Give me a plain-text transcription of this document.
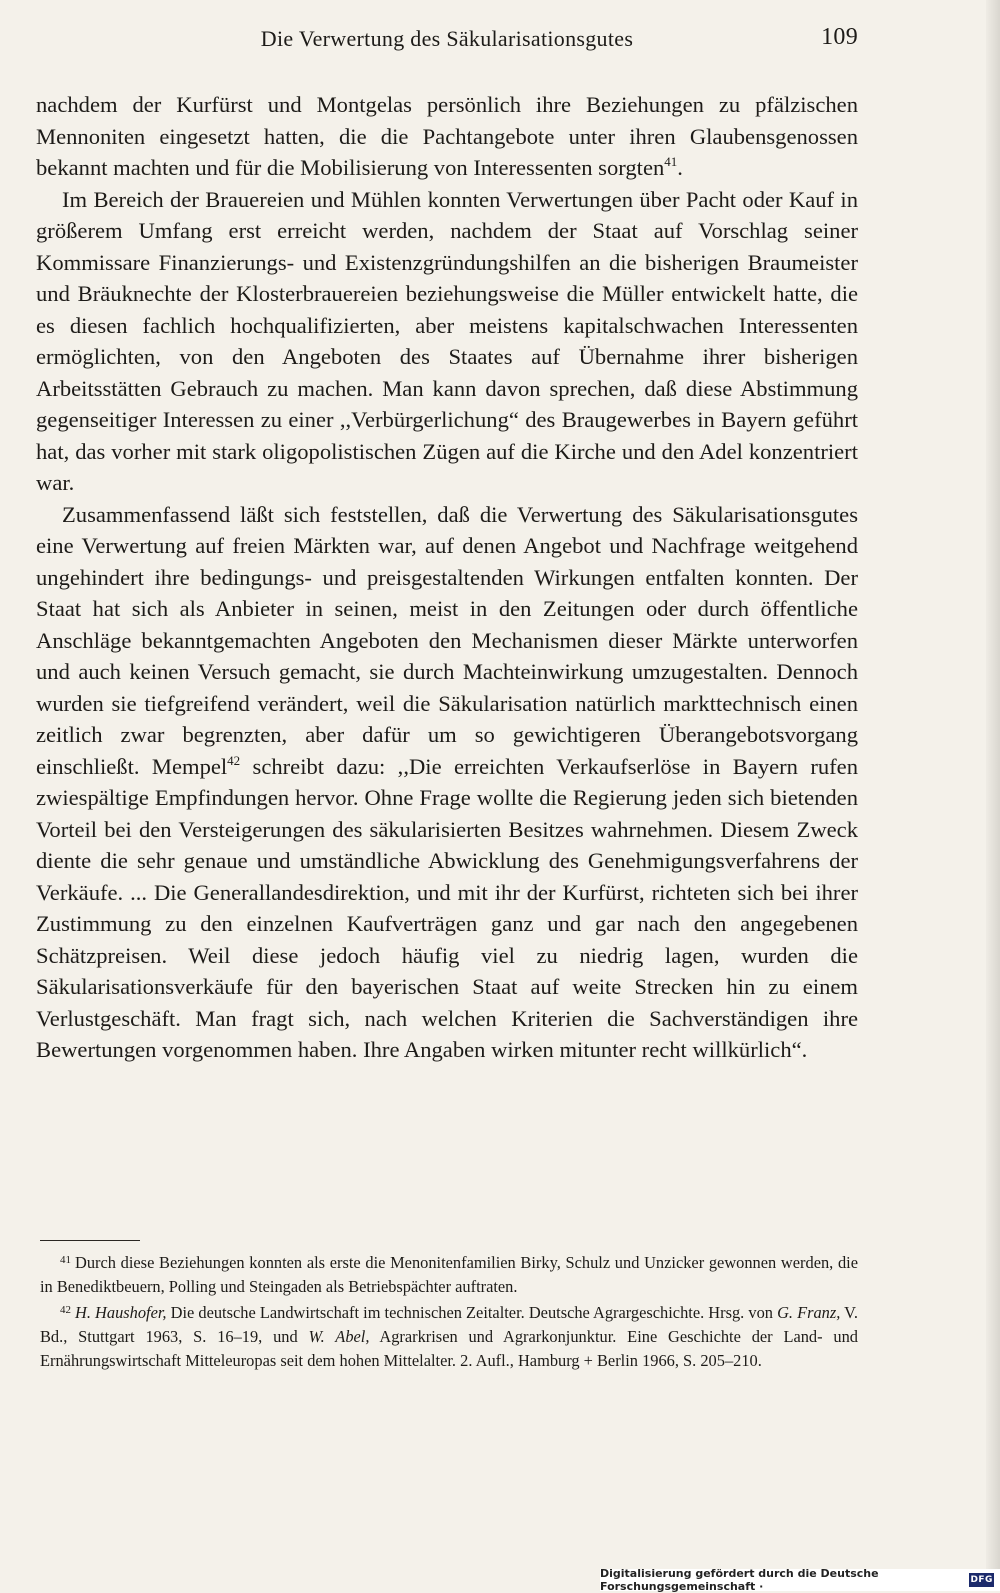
Die Verwertung des Säkularisationsgutes	109

nachdem der Kurfürst und Montgelas persönlich ihre Beziehungen zu pfälzischen Mennoniten eingesetzt hatten, die die Pachtangebote unter ihren Glaubensgenossen bekannt machten und für die Mobilisierung von Interessenten sorgten$^{41}$.

Im Bereich der Brauereien und Mühlen konnten Verwertungen über Pacht oder Kauf in größerem Umfang erst erreicht werden, nachdem der Staat auf Vorschlag seiner Kommissare Finanzierungs- und Existenzgründungshilfen an die bisherigen Braumeister und Bräuknechte der Klosterbrauereien beziehungsweise die Müller entwickelt hatte, die es diesen fachlich hochqualifizierten, aber meistens kapitalschwachen Interessenten ermöglichten, von den Angeboten des Staates auf Übernahme ihrer bisherigen Arbeitsstätten Gebrauch zu machen. Man kann davon sprechen, daß diese Abstimmung gegenseitiger Interessen zu einer ,,Verbürgerlichung“ des Braugewerbes in Bayern geführt hat, das vorher mit stark oligopolistischen Zügen auf die Kirche und den Adel konzentriert war.

Zusammenfassend läßt sich feststellen, daß die Verwertung des Säkularisationsgutes eine Verwertung auf freien Märkten war, auf denen Angebot und Nachfrage weitgehend ungehindert ihre bedingungs- und preisgestaltenden Wirkungen entfalten konnten. Der Staat hat sich als Anbieter in seinen, meist in den Zeitungen oder durch öffentliche Anschläge bekanntgemachten Angeboten den Mechanismen dieser Märkte unterworfen und auch keinen Versuch gemacht, sie durch Machteinwirkung umzugestalten. Dennoch wurden sie tiefgreifend verändert, weil die Säkularisation natürlich markttechnisch einen zeitlich zwar begrenzten, aber dafür um so gewichtigeren Überangebotsvorgang einschließt. Mempel$^{42}$ schreibt dazu: ,,Die erreichten Verkaufserlöse in Bayern rufen zwiespältige Empfindungen hervor. Ohne Frage wollte die Regierung jeden sich bietenden Vorteil bei den Versteigerungen des säkularisierten Besitzes wahrnehmen. Diesem Zweck diente die sehr genaue und umständliche Abwicklung des Genehmigungsverfahrens der Verkäufe. ... Die Generallandesdirektion, und mit ihr der Kurfürst, richteten sich bei ihrer Zustimmung zu den einzelnen Kaufverträgen ganz und gar nach den angegebenen Schätzpreisen. Weil diese jedoch häufig viel zu niedrig lagen, wurden die Säkularisationsverkäufe für den bayerischen Staat auf weite Strecken hin zu einem Verlustgeschäft. Man fragt sich, nach welchen Kriterien die Sachverständigen ihre Bewertungen vorgenommen haben. Ihre Angaben wirken mitunter recht willkürlich“.

$^{41}$ Durch diese Beziehungen konnten als erste die Menonitenfamilien Birky, Schulz und Unzicker gewonnen werden, die in Benediktbeuern, Polling und Steingaden als Betriebspächter auftraten.

$^{42}$ H. Haushofer, Die deutsche Landwirtschaft im technischen Zeitalter. Deutsche Agrargeschichte. Hrsg. von G. Franz, V. Bd., Stuttgart 1963, S. 16–19, und W. Abel, Agrarkrisen und Agrarkonjunktur. Eine Geschichte der Land- und Ernährungswirtschaft Mitteleuropas seit dem hohen Mittelalter. 2. Aufl., Hamburg + Berlin 1966, S. 205–210.

Digitalisierung gefördert durch die Deutsche Forschungsgemeinschaft ·	DFG
